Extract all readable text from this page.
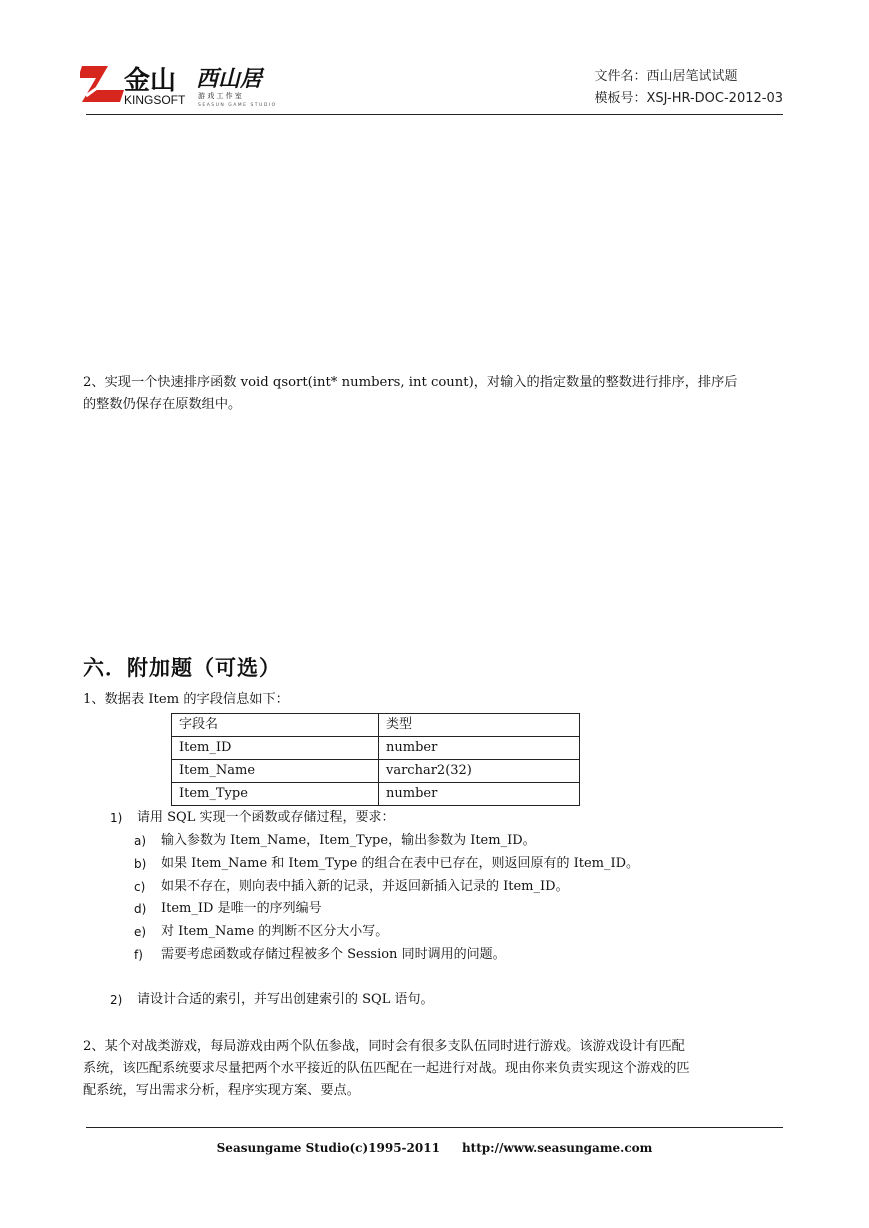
金山
KINGSOFT
西山居
游 戏 工 作 室
SEASUN GAME STUDIO
文件名：西山居笔试试题
模板号：XSJ-HR-DOC-2012-03
2、实现一个快速排序函数 void qsort(int* numbers, int count)，对输入的指定数量的整数进行排序，排序后
的整数仍保存在原数组中。
六．附加题（可选）
1、数据表 Item 的字段信息如下：
字段名	类型
Item_ID	number
Item_Name	varchar2(32)
Item_Type	number
1)	请用 SQL 实现一个函数或存储过程，要求：
a)	输入参数为 Item_Name，Item_Type，输出参数为 Item_ID。
b)	如果 Item_Name 和 Item_Type 的组合在表中已存在，则返回原有的 Item_ID。
c)	如果不存在，则向表中插入新的记录，并返回新插入记录的 Item_ID。
d)	Item_ID 是唯一的序列编号
e)	对 Item_Name 的判断不区分大小写。
f)	需要考虑函数或存储过程被多个 Session 同时调用的问题。
2)	请设计合适的索引，并写出创建索引的 SQL 语句。
2、某个对战类游戏，每局游戏由两个队伍参战，同时会有很多支队伍同时进行游戏。该游戏设计有匹配
系统，该匹配系统要求尽量把两个水平接近的队伍匹配在一起进行对战。现由你来负责实现这个游戏的匹
配系统，写出需求分析，程序实现方案、要点。
Seasungame Studio(c)1995-2011 http://www.seasungame.com
